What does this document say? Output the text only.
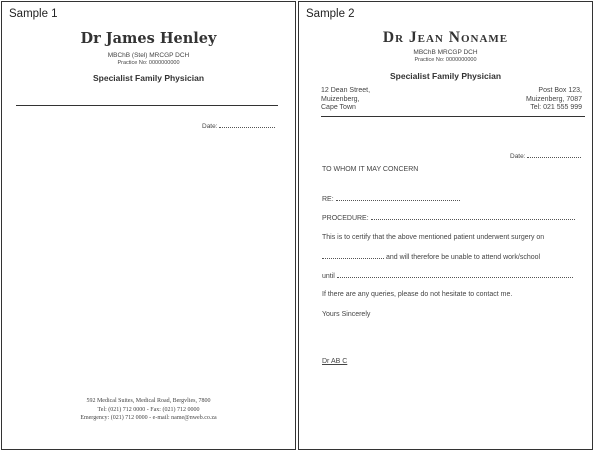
Sample 1
Dr James Henley
MBChB (Stel) MRCGP DCH
Practice No: 0000000000
Specialist Family Physician
Date:
592 Medical Suites, Medical Road, Bergvlies, 7800
Tel: (021) 712 0000 - Fax: (021) 712 0000
Emergency: (021) 712 0000 - e-mail: name@nweb.co.za
Sample 2
Dr Jean Noname
MBChB MRCGP DCH
Practice No: 0000000000
Specialist Family Physician
12 Dean Street,
Muizenberg,
Cape Town
Post Box 123,
Muizenberg, 7087
Tel: 021 555 999
Date:
TO WHOM IT MAY CONCERN
RE:
PROCEDURE:
This is to certify that the above mentioned patient underwent surgery on
and will therefore be unable to attend work/school
until
If there are any queries, please do not hesitate to contact me.
Yours Sincerely
Dr AB C
